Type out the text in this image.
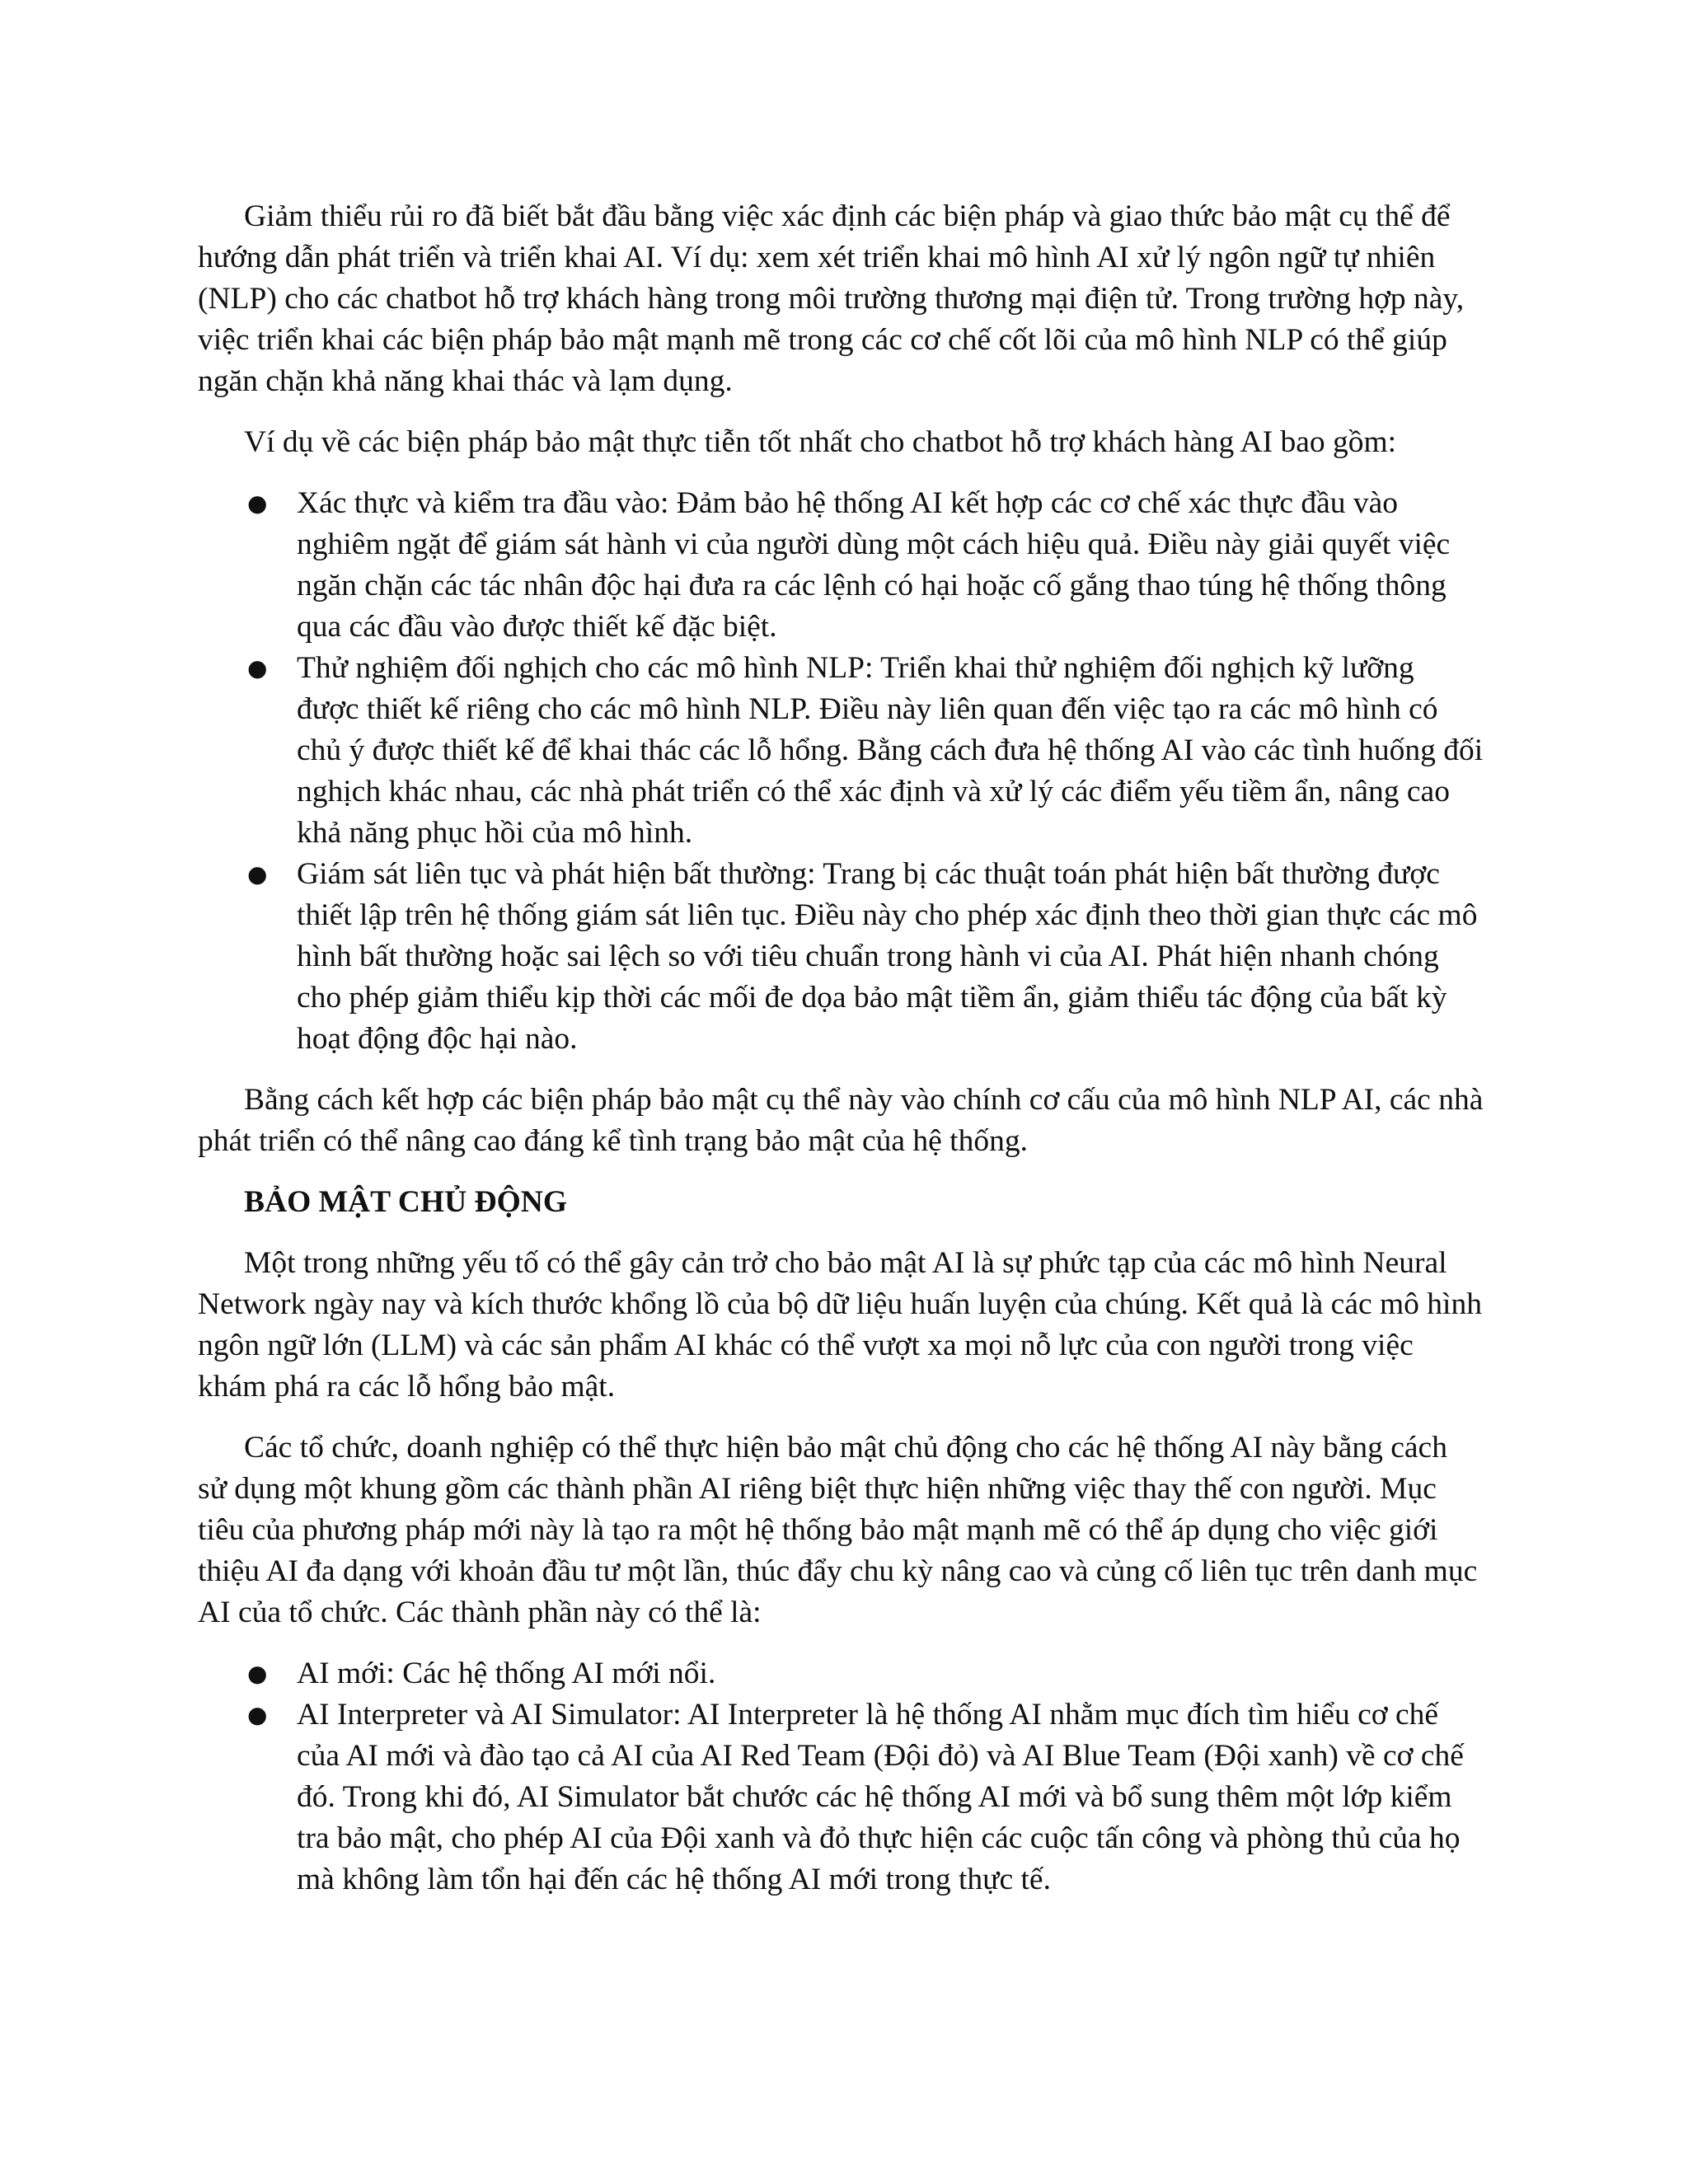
Giảm thiểu rủi ro đã biết bắt đầu bằng việc xác định các biện pháp và giao thức bảo mật cụ thể để hướng dẫn phát triển và triển khai AI. Ví dụ: xem xét triển khai mô hình AI xử lý ngôn ngữ tự nhiên (NLP) cho các chatbot hỗ trợ khách hàng trong môi trường thương mại điện tử. Trong trường hợp này, việc triển khai các biện pháp bảo mật mạnh mẽ trong các cơ chế cốt lõi của mô hình NLP có thể giúp ngăn chặn khả năng khai thác và lạm dụng.

Ví dụ về các biện pháp bảo mật thực tiễn tốt nhất cho chatbot hỗ trợ khách hàng AI bao gồm:

● Xác thực và kiểm tra đầu vào: Đảm bảo hệ thống AI kết hợp các cơ chế xác thực đầu vào nghiêm ngặt để giám sát hành vi của người dùng một cách hiệu quả. Điều này giải quyết việc ngăn chặn các tác nhân độc hại đưa ra các lệnh có hại hoặc cố gắng thao túng hệ thống thông qua các đầu vào được thiết kế đặc biệt.
● Thử nghiệm đối nghịch cho các mô hình NLP: Triển khai thử nghiệm đối nghịch kỹ lưỡng được thiết kế riêng cho các mô hình NLP. Điều này liên quan đến việc tạo ra các mô hình có chủ ý được thiết kế để khai thác các lỗ hổng. Bằng cách đưa hệ thống AI vào các tình huống đối nghịch khác nhau, các nhà phát triển có thể xác định và xử lý các điểm yếu tiềm ẩn, nâng cao khả năng phục hồi của mô hình.
● Giám sát liên tục và phát hiện bất thường: Trang bị các thuật toán phát hiện bất thường được thiết lập trên hệ thống giám sát liên tục. Điều này cho phép xác định theo thời gian thực các mô hình bất thường hoặc sai lệch so với tiêu chuẩn trong hành vi của AI. Phát hiện nhanh chóng cho phép giảm thiểu kịp thời các mối đe dọa bảo mật tiềm ẩn, giảm thiểu tác động của bất kỳ hoạt động độc hại nào.

Bằng cách kết hợp các biện pháp bảo mật cụ thể này vào chính cơ cấu của mô hình NLP AI, các nhà phát triển có thể nâng cao đáng kể tình trạng bảo mật của hệ thống.

BẢO MẬT CHỦ ĐỘNG

Một trong những yếu tố có thể gây cản trở cho bảo mật AI là sự phức tạp của các mô hình Neural Network ngày nay và kích thước khổng lồ của bộ dữ liệu huấn luyện của chúng. Kết quả là các mô hình ngôn ngữ lớn (LLM) và các sản phẩm AI khác có thể vượt xa mọi nỗ lực của con người trong việc khám phá ra các lỗ hổng bảo mật.

Các tổ chức, doanh nghiệp có thể thực hiện bảo mật chủ động cho các hệ thống AI này bằng cách sử dụng một khung gồm các thành phần AI riêng biệt thực hiện những việc thay thế con người. Mục tiêu của phương pháp mới này là tạo ra một hệ thống bảo mật mạnh mẽ có thể áp dụng cho việc giới thiệu AI đa dạng với khoản đầu tư một lần, thúc đẩy chu kỳ nâng cao và củng cố liên tục trên danh mục AI của tổ chức. Các thành phần này có thể là:

● AI mới: Các hệ thống AI mới nổi.
● AI Interpreter và AI Simulator: AI Interpreter là hệ thống AI nhằm mục đích tìm hiểu cơ chế của AI mới và đào tạo cả AI của AI Red Team (Đội đỏ) và AI Blue Team (Đội xanh) về cơ chế đó. Trong khi đó, AI Simulator bắt chước các hệ thống AI mới và bổ sung thêm một lớp kiểm tra bảo mật, cho phép AI của Đội xanh và đỏ thực hiện các cuộc tấn công và phòng thủ của họ mà không làm tổn hại đến các hệ thống AI mới trong thực tế.
